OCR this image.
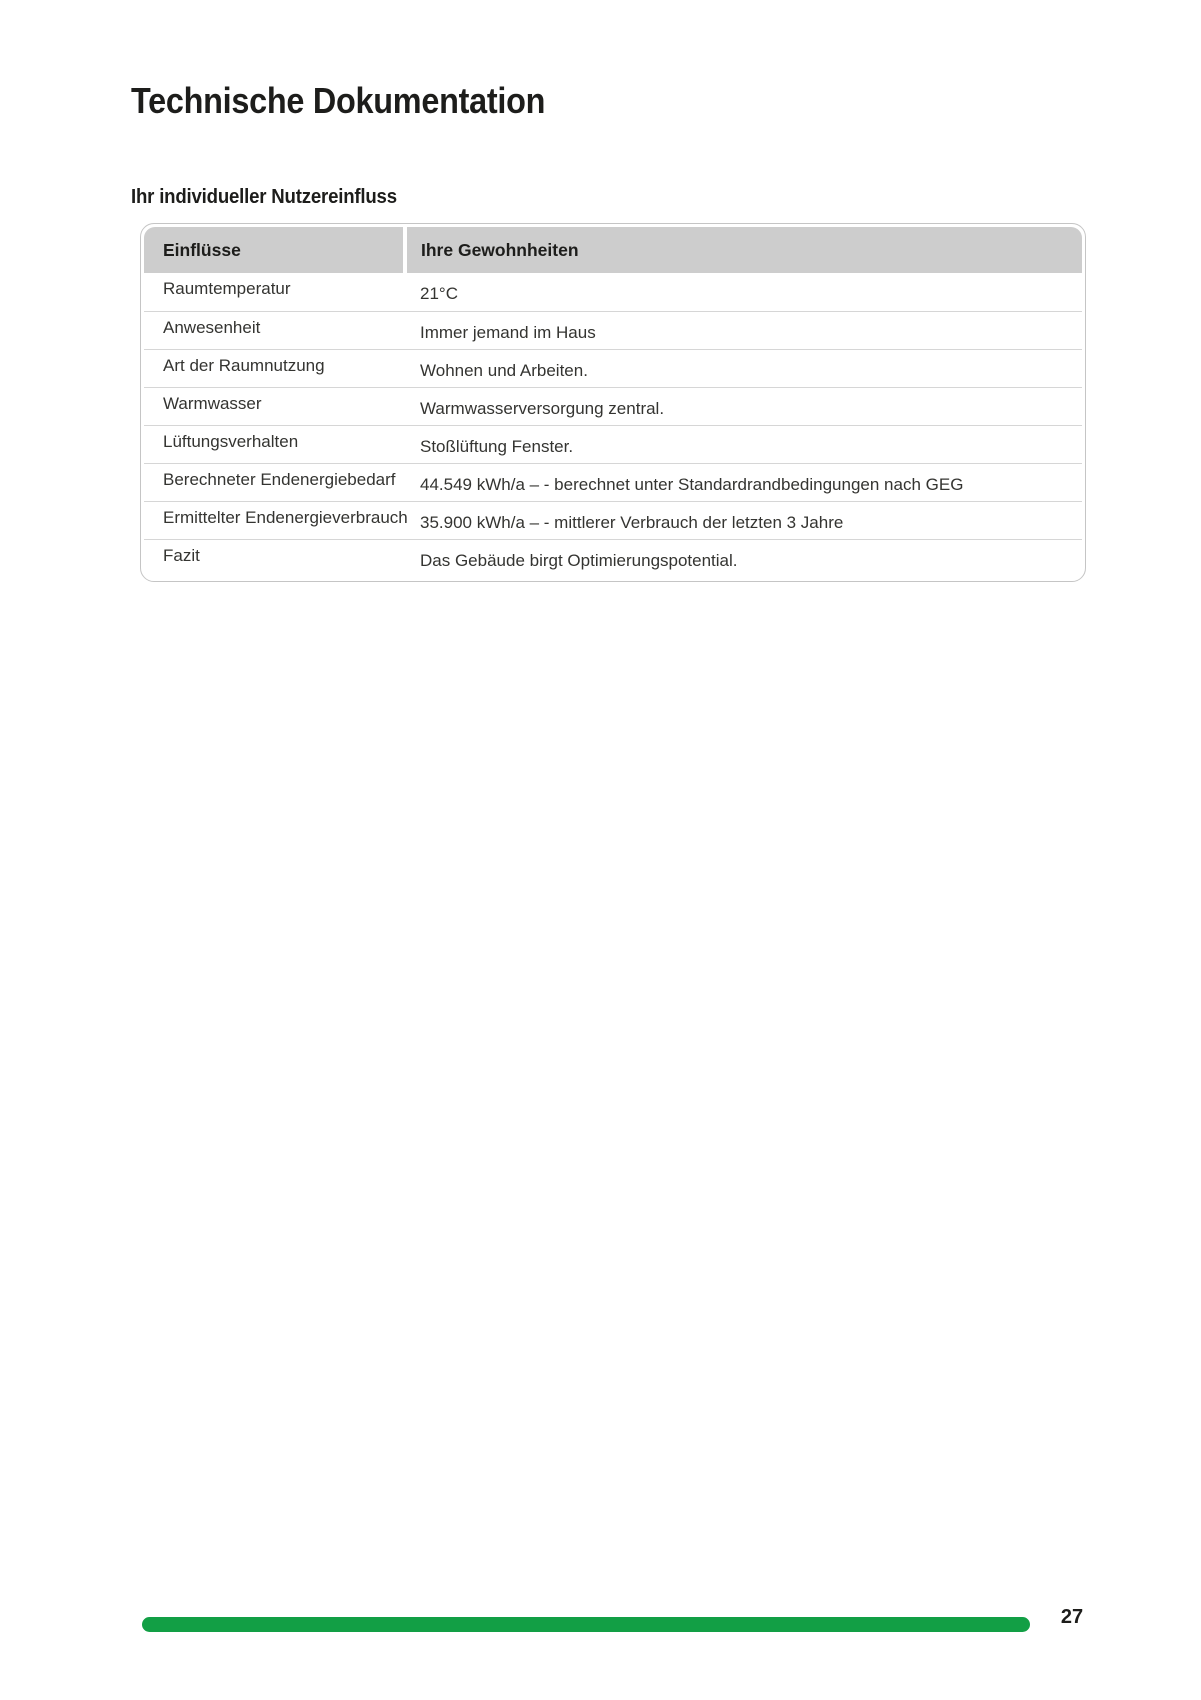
Technische Dokumentation
Ihr individueller Nutzereinfluss
Einflüsse	Ihre Gewohnheiten
Raumtemperatur	21°C
Anwesenheit	Immer jemand im Haus
Art der Raumnutzung	Wohnen und Arbeiten.
Warmwasser	Warmwasserversorgung zentral.
Lüftungsverhalten	Stoßlüftung Fenster.
Berechneter Endenergiebedarf	44.549 kWh/a – - berechnet unter Standardrandbedingungen nach GEG
Ermittelter Endenergieverbrauch 35.900 kWh/a – - mittlerer Verbrauch der letzten 3 Jahre
Fazit	Das Gebäude birgt Optimierungspotential.
27
